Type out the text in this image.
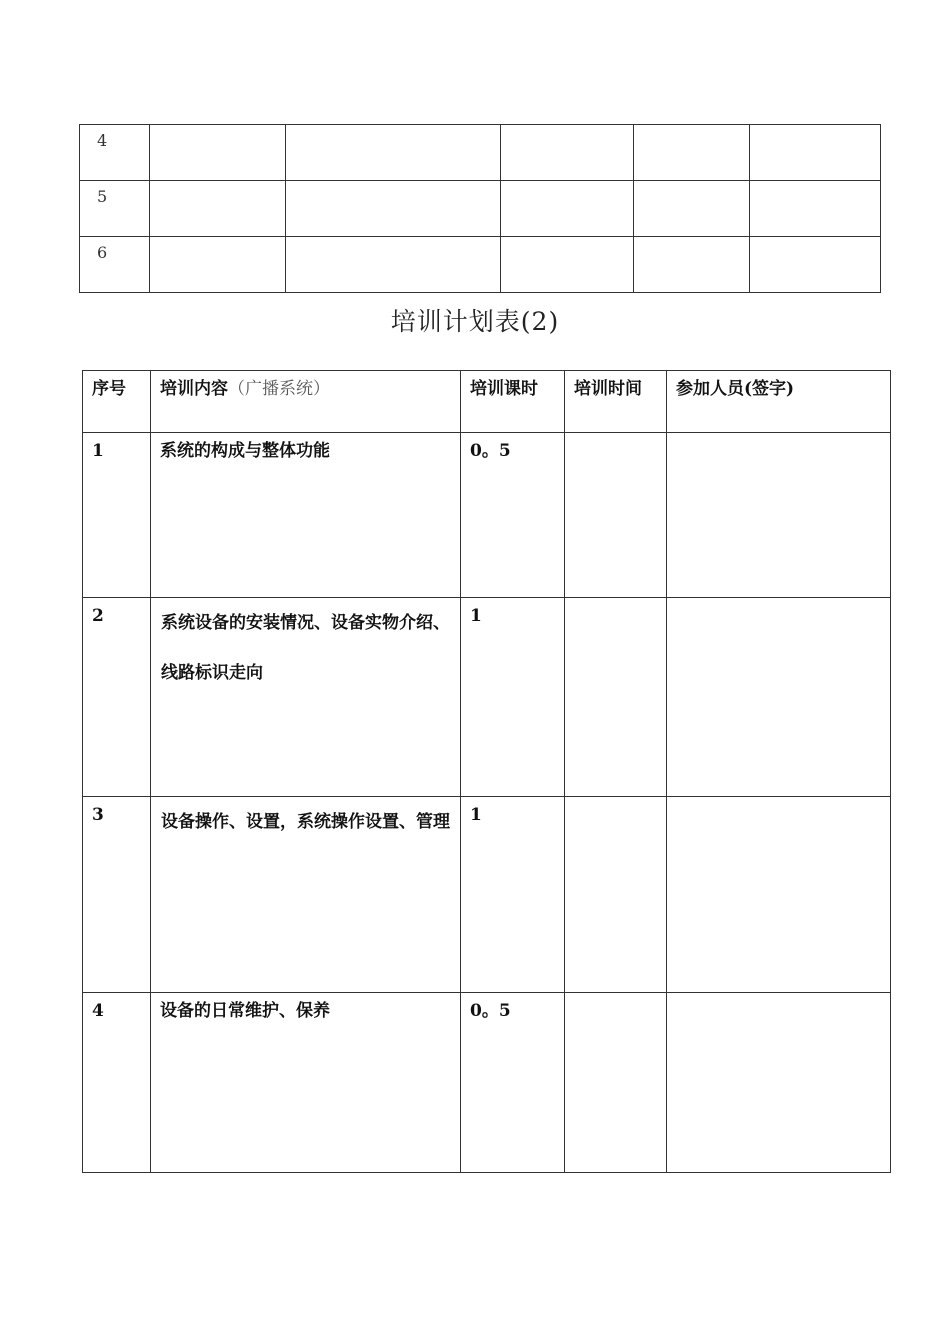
4					
5					
6					
培训计划表(2)
序号	培训内容（广播系统）	培训课时	培训时间	参加人员(签字)
1	系统的构成与整体功能	0。5		
2	系统设备的安装情况、设备实物介绍、线路标识走向	1		
3	设备操作、设置，系统操作设置、管理	1		
4	设备的日常维护、保养	0。5		
